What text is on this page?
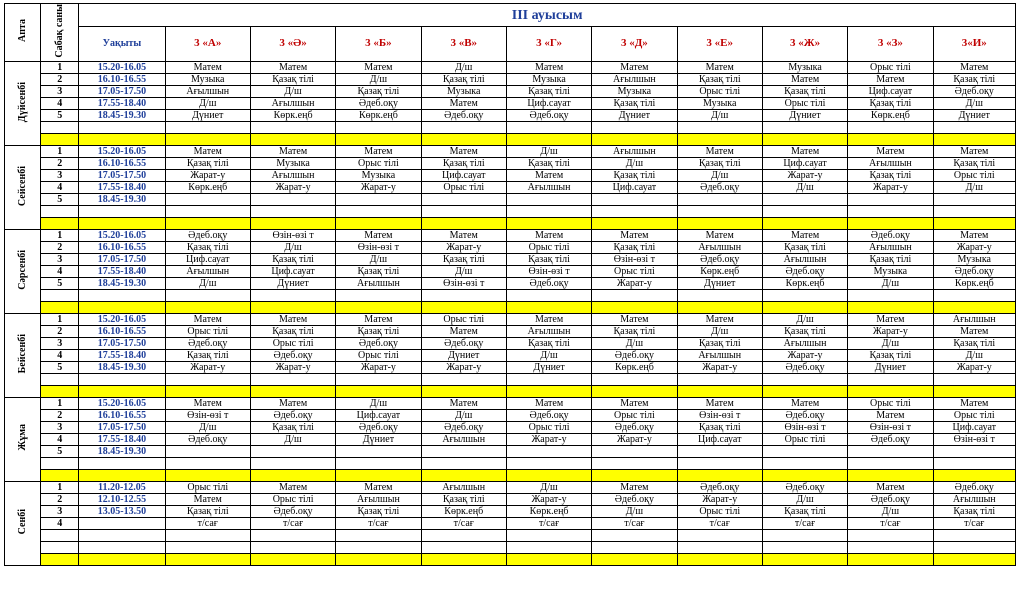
Апта	Сабақ саны	ІІІ ауысым										
		Уақыты	3 «А»	3 «Ә»	3 «Б»	3 «В»	3 «Г»	3 «Д»	3 «Е»	3 «Ж»	3 «З»	3«И»
Дүйсенбі	1	15.20-16.05	Матем	Матем	Матем	Д/ш	Матем	Матем	Матем	Музыка	Орыс тілі	Матем
	2	16.10-16.55	Музыка	Қазақ тілі	Д/ш	Қазақ тілі	Музыка	Ағылшын	Қазақ тілі	Матем	Матем	Қазақ тілі
	3	17.05-17.50	Ағылшын	Д/ш	Қазақ тілі	Музыка	Қазақ тілі	Музыка	Орыс тілі	Қазақ тілі	Циф.сауат	Әдеб.оқу
	4	17.55-18.40	Д/ш	Ағылшын	Әдеб.оқу	Матем	Циф.сауат	Қазақ тілі	Музыка	Орыс тілі	Қазақ тілі	Д/ш
	5	18.45-19.30	Дүниет	Көрк.еңб	Көрк.еңб	Әдеб.оқу	Әдеб.оқу	Дүниет	Д/ш	Дүниет	Көрк.еңб	Дүниет

Сейсенбі	1	15.20-16.05	Матем	Матем	Матем	Матем	Д/ш	Ағылшын	Матем	Матем	Матем	Матем
	2	16.10-16.55	Қазақ тілі	Музыка	Орыс тілі	Қазақ тілі	Қазақ тілі	Д/ш	Қазақ тілі	Циф.сауат	Ағылшын	Қазақ тілі
	3	17.05-17.50	Жарат-у	Ағылшын	Музыка	Циф.сауат	Матем	Қазақ тілі	Д/ш	Жарат-у	Қазақ тілі	Орыс тілі
	4	17.55-18.40	Көрк.еңб	Жарат-у	Жарат-у	Орыс тілі	Ағылшын	Циф.сауат	Әдеб.оқу	Д/ш	Жарат-у	Д/ш
	5	18.45-19.30										

Сәрсенбі	1	15.20-16.05	Әдеб.оқу	Өзін-өзі т	Матем	Матем	Матем	Матем	Матем	Матем	Әдеб.оқу	Матем
	2	16.10-16.55	Қазақ тілі	Д/ш	Өзін-өзі т	Жарат-у	Орыс тілі	Қазақ тілі	Ағылшын	Қазақ тілі	Ағылшын	Жарат-у
	3	17.05-17.50	Циф.сауат	Қазақ тілі	Д/ш	Қазақ тілі	Қазақ тілі	Өзін-өзі т	Әдеб.оқу	Ағылшын	Қазақ тілі	Музыка
	4	17.55-18.40	Ағылшын	Циф.сауат	Қазақ тілі	Д/ш	Өзін-өзі т	Орыс тілі	Көрк.еңб	Әдеб.оқу	Музыка	Әдеб.оқу
	5	18.45-19.30	Д/ш	Дүниет	Ағылшын	Өзін-өзі т	Әдеб.оқу	Жарат-у	Дүниет	Көрк.еңб	Д/ш	Көрк.еңб

Бейсенбі	1	15.20-16.05	Матем	Матем	Матем	Орыс тілі	Матем	Матем	Матем	Д/ш	Матем	Ағылшын
	2	16.10-16.55	Орыс тілі	Қазақ тілі	Қазақ тілі	Матем	Ағылшын	Қазақ тілі	Д/ш	Қазақ тілі	Жарат-у	Матем
	3	17.05-17.50	Әдеб.оқу	Орыс тілі	Әдеб.оқу	Әдеб.оқу	Қазақ тілі	Д/ш	Қазақ тілі	Ағылшын	Д/ш	Қазақ тілі
	4	17.55-18.40	Қазақ тілі	Әдеб.оқу	Орыс тілі	Дүниет	Д/ш	Әдеб.оқу	Ағылшын	Жарат-у	Қазақ тілі	Д/ш
	5	18.45-19.30	Жарат-у	Жарат-у	Жарат-у	Жарат-у	Дүниет	Көрк.еңб	Жарат-у	Әдеб.оқу	Дүниет	Жарат-у

Жұма	1	15.20-16.05	Матем	Матем	Д/ш	Матем	Матем	Матем	Матем	Матем	Орыс тілі	Матем
	2	16.10-16.55	Өзін-өзі т	Әдеб.оқу	Циф.сауат	Д/ш	Әдеб.оқу	Орыс тілі	Өзін-өзі т	Әдеб.оқу	Матем	Орыс тілі
	3	17.05-17.50	Д/ш	Қазақ тілі	Әдеб.оқу	Әдеб.оқу	Орыс тілі	Әдеб.оқу	Қазақ тілі	Өзін-өзі т	Өзін-өзі т	Циф.сауат
	4	17.55-18.40	Әдеб.оқу	Д/ш	Дүниет	Ағылшын	Жарат-у	Жарат-у	Циф.сауат	Орыс тілі	Әдеб.оқу	Өзін-өзі т
	5	18.45-19.30										

Сенбі	1	11.20-12.05	Орыс тілі	Матем	Матем	Ағылшын	Д/ш	Матем	Әдеб.оқу	Әдеб.оқу	Матем	Әдеб.оқу
	2	12.10-12.55	Матем	Орыс тілі	Ағылшын	Қазақ тілі	Жарат-у	Әдеб.оқу	Жарат-у	Д/ш	Әдеб.оқу	Ағылшын
	3	13.05-13.50	Қазақ тілі	Әдеб.оқу	Қазақ тілі	Көрк.еңб	Көрк.еңб	Д/ш	Орыс тілі	Қазақ тілі	Д/ш	Қазақ тілі
	4		т/сағ	т/сағ	т/сағ	т/сағ	т/сағ	т/сағ	т/сағ	т/сағ	т/сағ	т/сағ
